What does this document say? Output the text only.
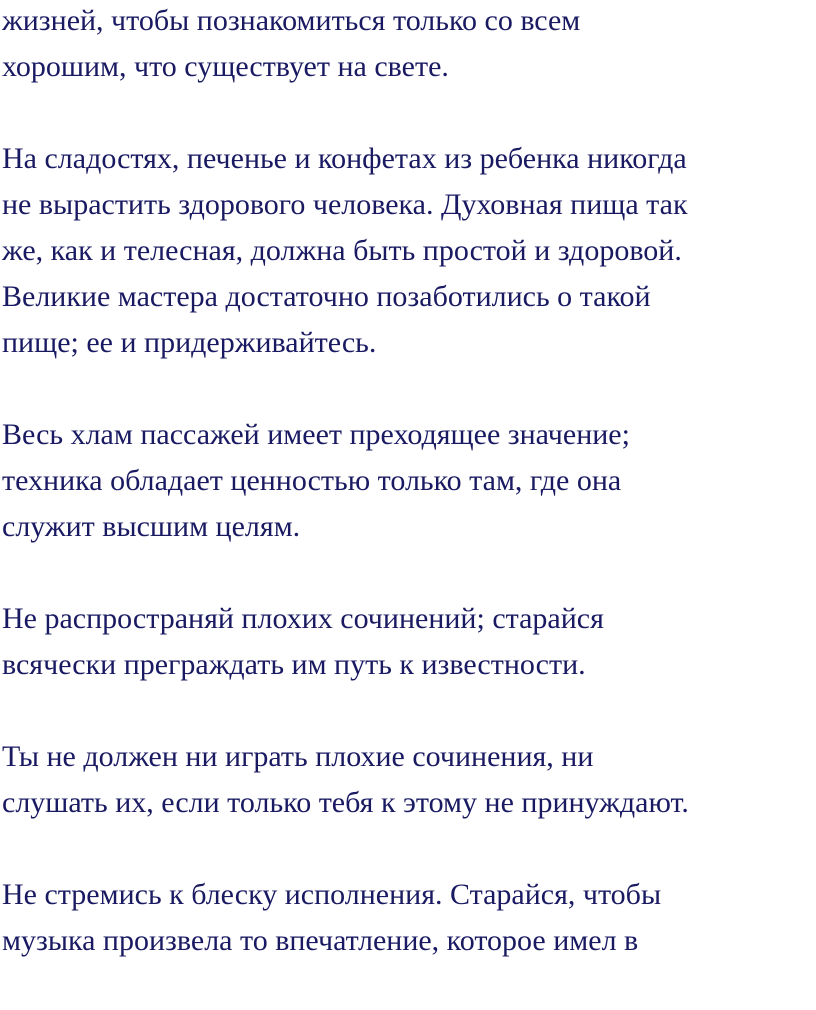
жизней, чтобы познакомиться только со всем
хорошим, что существует на свете.

На сладостях, печенье и конфетах из ребенка никогда
не вырастить здорового человека. Духовная пища так
же, как и телесная, должна быть простой и здоровой.
Великие мастера достаточно позаботились о такой
пище; ее и придерживайтесь.

Весь хлам пассажей имеет преходящее значение;
техника обладает ценностью только там, где она
служит высшим целям.

Не распространяй плохих сочинений; старайся
всячески преграждать им путь к известности.

Ты не должен ни играть плохие сочинения, ни
слушать их, если только тебя к этому не принуждают.

Не стремись к блеску исполнения. Старайся, чтобы
музыка произвела то впечатление, которое имел в
